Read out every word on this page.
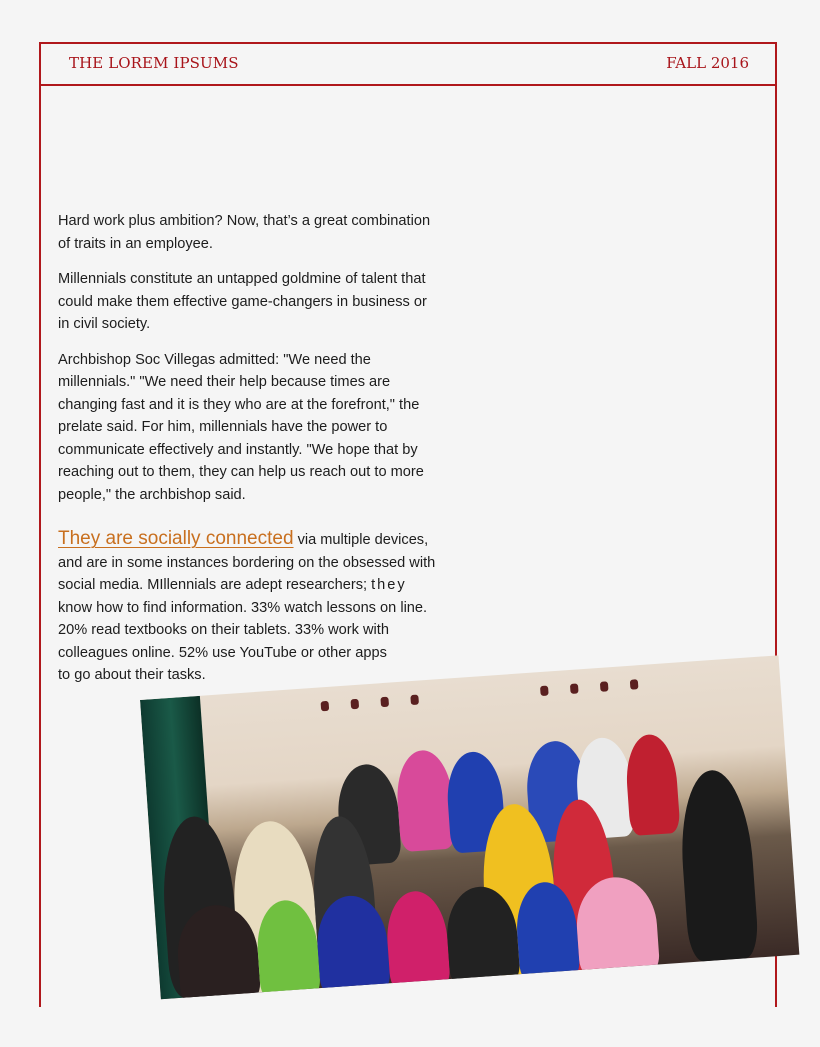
THE LOREM IPSUMS	FALL 2016

Hard work plus ambition? Now, that’s a great combination of traits in an employee.

Millennials constitute an untapped goldmine of talent that could make them effective game-changers in business or in civil society.

Archbishop Soc Villegas admitted: "We need the millennials." "We need their help because times are changing fast and it is they who are at the forefront," the prelate said. For him, millennials have the power to communicate effectively and instantly. "We hope that by reaching out to them, they can help us reach out to more people," the archbishop said.

They are socially connected via multiple devices, and are in some instances bordering on the obsessed with social media. MIllennials are adept researchers; they know how to find information. 33% watch lessons on line. 20% read textbooks on their tablets. 33% work with colleagues online. 52% use YouTube or other apps
to go about their tasks.
